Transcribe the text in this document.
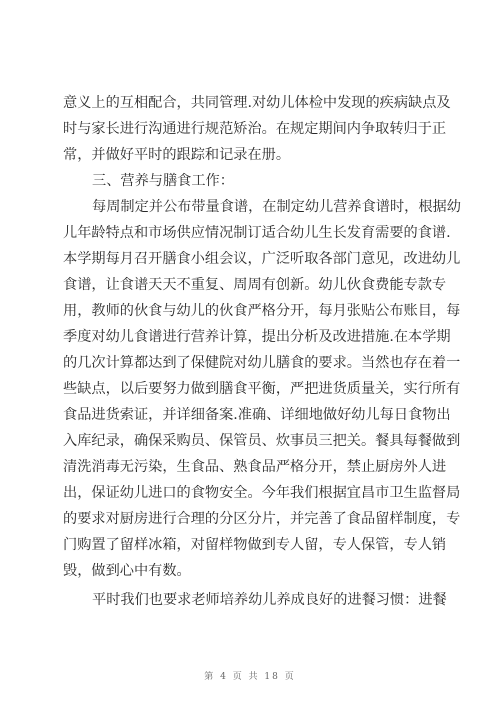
意义上的互相配合，共同管理.对幼儿体检中发现的疾病缺点及
时与家长进行沟通进行规范矫治。在规定期间内争取转归于正
常，并做好平时的跟踪和记录在册。
三、营养与膳食工作：
每周制定并公布带量食谱，在制定幼儿营养食谱时，根据幼
儿年龄特点和市场供应情况制订适合幼儿生长发育需要的食谱.
本学期每月召开膳食小组会议，广泛听取各部门意见，改进幼儿
食谱，让食谱天天不重复、周周有创新。幼儿伙食费能专款专
用，教师的伙食与幼儿的伙食严格分开，每月张贴公布账目，每
季度对幼儿食谱进行营养计算，提出分析及改进措施.在本学期
的几次计算都达到了保健院对幼儿膳食的要求。当然也存在着一
些缺点，以后要努力做到膳食平衡，严把进货质量关，实行所有
食品进货索证，并详细备案.准确、详细地做好幼儿每日食物出
入库纪录，确保采购员、保管员、炊事员三把关。餐具每餐做到
清洗消毒无污染，生食品、熟食品严格分开，禁止厨房外人进
出，保证幼儿进口的食物安全。今年我们根据宜昌市卫生监督局
的要求对厨房进行合理的分区分片，并完善了食品留样制度，专
门购置了留样冰箱，对留样物做到专人留，专人保管，专人销
毁，做到心中有数。
平时我们也要求老师培养幼儿养成良好的进餐习惯：进餐
第 4 页 共 18 页
